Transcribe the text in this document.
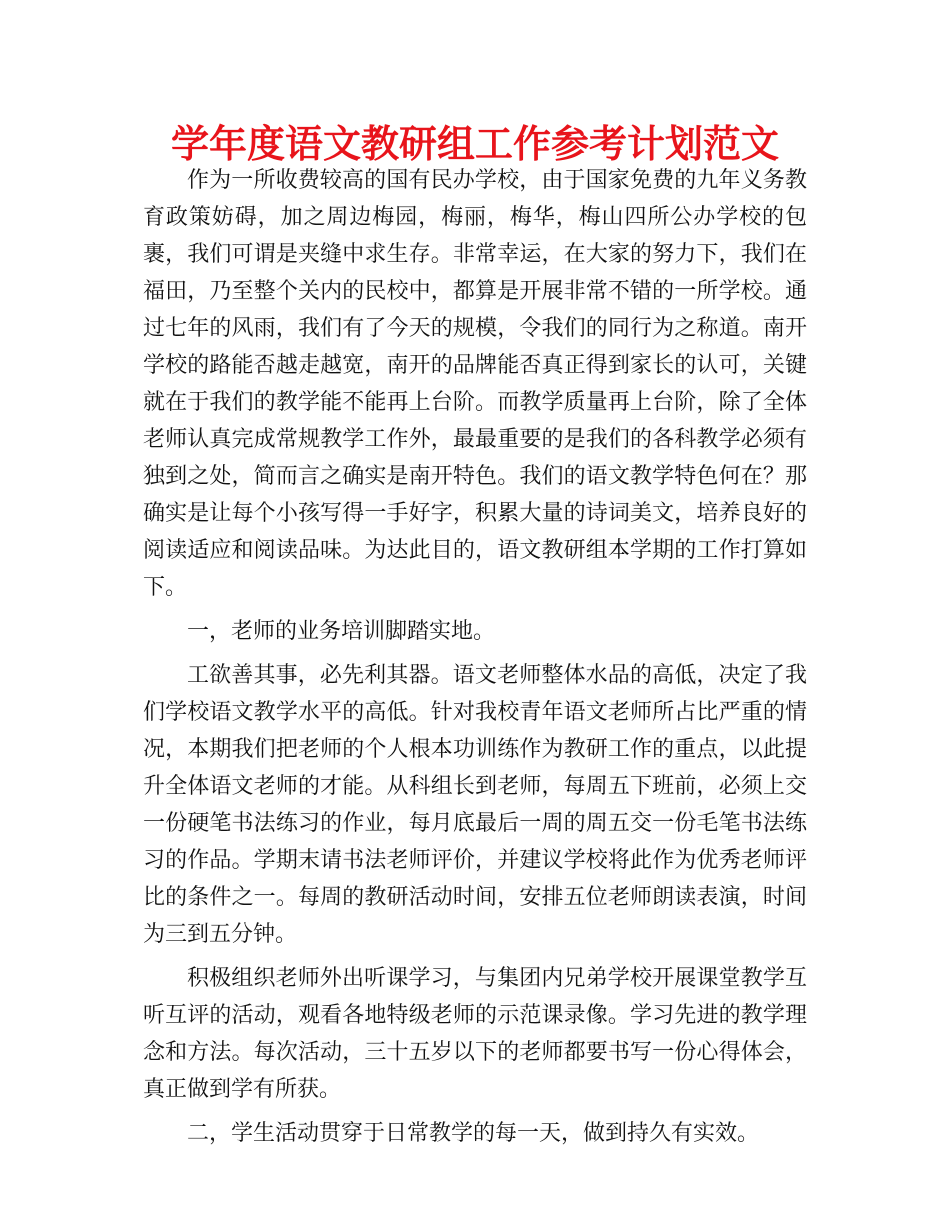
学年度语文教研组工作参考计划范文

作为一所收费较高的国有民办学校，由于国家免费的九年义务教育政策妨碍，加之周边梅园，梅丽，梅华，梅山四所公办学校的包裹，我们可谓是夹缝中求生存。非常幸运，在大家的努力下，我们在福田，乃至整个关内的民校中，都算是开展非常不错的一所学校。通过七年的风雨，我们有了今天的规模，令我们的同行为之称道。南开学校的路能否越走越宽，南开的品牌能否真正得到家长的认可，关键就在于我们的教学能不能再上台阶。而教学质量再上台阶，除了全体老师认真完成常规教学工作外，最最重要的是我们的各科教学必须有独到之处，简而言之确实是南开特色。我们的语文教学特色何在？那确实是让每个小孩写得一手好字，积累大量的诗词美文，培养良好的阅读适应和阅读品味。为达此目的，语文教研组本学期的工作打算如下。

一，老师的业务培训脚踏实地。

工欲善其事，必先利其器。语文老师整体水品的高低，决定了我们学校语文教学水平的高低。针对我校青年语文老师所占比严重的情况，本期我们把老师的个人根本功训练作为教研工作的重点，以此提升全体语文老师的才能。从科组长到老师，每周五下班前，必须上交一份硬笔书法练习的作业，每月底最后一周的周五交一份毛笔书法练习的作品。学期末请书法老师评价，并建议学校将此作为优秀老师评比的条件之一。每周的教研活动时间，安排五位老师朗读表演，时间为三到五分钟。

积极组织老师外出听课学习，与集团内兄弟学校开展课堂教学互听互评的活动，观看各地特级老师的示范课录像。学习先进的教学理念和方法。每次活动，三十五岁以下的老师都要书写一份心得体会，真正做到学有所获。

二，学生活动贯穿于日常教学的每一天，做到持久有实效。
